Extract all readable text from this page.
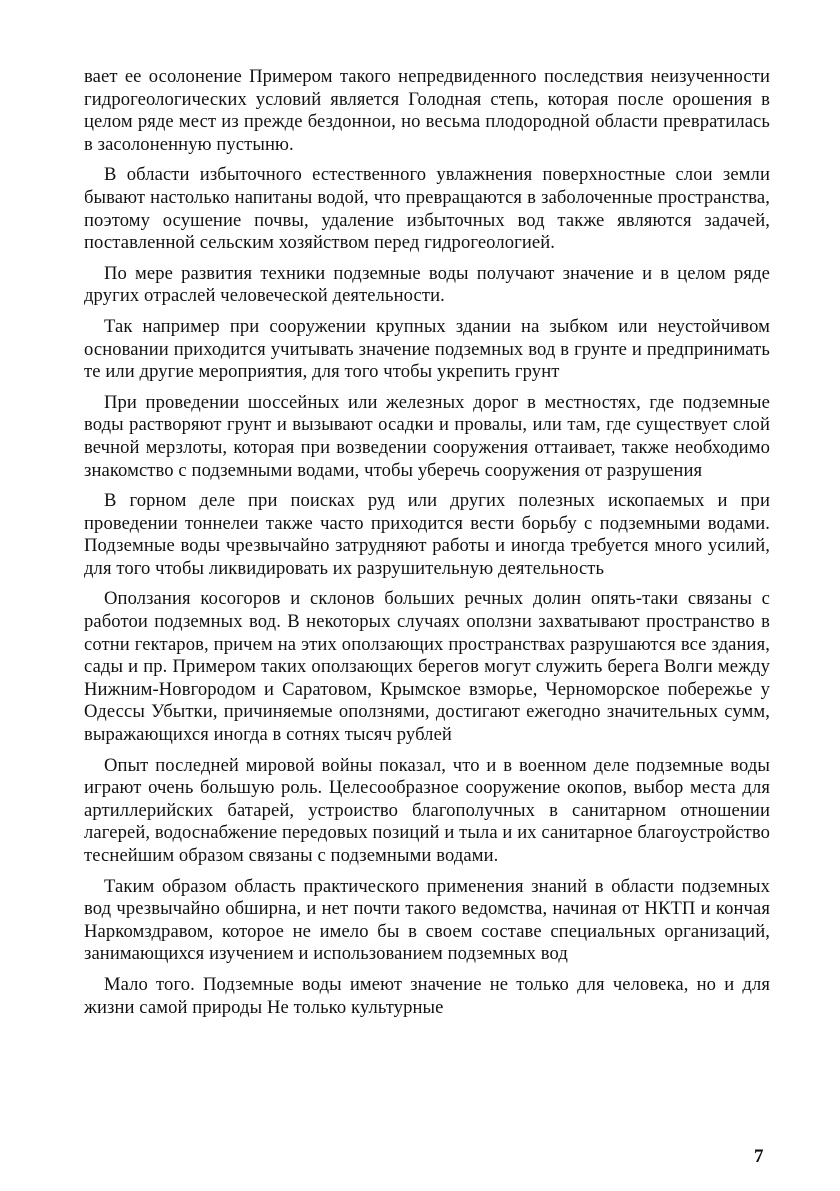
вает ее осолонение Примером такого непредвиденного последствия неизученности гидрогеологических условий является Голодная степь, которая после орошения в целом ряде мест из прежде бездоннои, но весьма плодородной области превратилась в засолоненную пустыню.

В области избыточного естественного увлажнения поверхностные слои земли бывают настолько напитаны водой, что превращаются в заболоченные пространства, поэтому осушение почвы, удаление избыточных вод также являются задачей, поставленной сельским хозяйством перед гидрогеологией.

По мере развития техники подземные воды получают значение и в целом ряде других отраслей человеческой деятельности.

Так например при сооружении крупных здании на зыбком или неустойчивом основании приходится учитывать значение подземных вод в грунте и предпринимать те или другие мероприятия, для того чтобы укрепить грунт

При проведении шоссейных или железных дорог в местностях, где подземные воды растворяют грунт и вызывают осадки и провалы, или там, где существует слой вечной мерзлоты, которая при возведении сооружения оттаивает, также необходимо знакомство с подземными водами, чтобы уберечь сооружения от разрушения

В горном деле при поисках руд или других полезных ископаемых и при проведении тоннелеи также часто приходится вести борьбу с подземными водами. Подземные воды чрезвычайно затрудняют работы и иногда требуется много усилий, для того чтобы ликвидировать их разрушительную деятельность

Оползания косогоров и склонов больших речных долин опять-таки связаны с работои подземных вод. В некоторых случаях оползни захватывают пространство в сотни гектаров, причем на этих оползающих пространствах разрушаются все здания, сады и пр. Примером таких оползающих берегов могут служить берега Волги между Нижним-Новгородом и Саратовом, Крымское взморье, Черноморское побережье у Одессы Убытки, причиняемые оползнями, достигают ежегодно значительных сумм, выражающихся иногда в сотнях тысяч рублей

Опыт последней мировой войны показал, что и в военном деле подземные воды играют очень большую роль. Целесообразное сооружение окопов, выбор места для артиллерийских батарей, устроиство благополучных в санитарном отношении лагерей, водоснабжение передовых позиций и тыла и их санитарное благоустройство теснейшим образом связаны с подземными водами.

Таким образом область практического применения знаний в области подземных вод чрезвычайно обширна, и нет почти такого ведомства, начиная от НКТП и кончая Наркомздравом, которое не имело бы в своем составе специальных организаций, занимающихся изучением и использованием подземных вод

Мало того. Подземные воды имеют значение не только для человека, но и для жизни самой природы Не только культурные

7
